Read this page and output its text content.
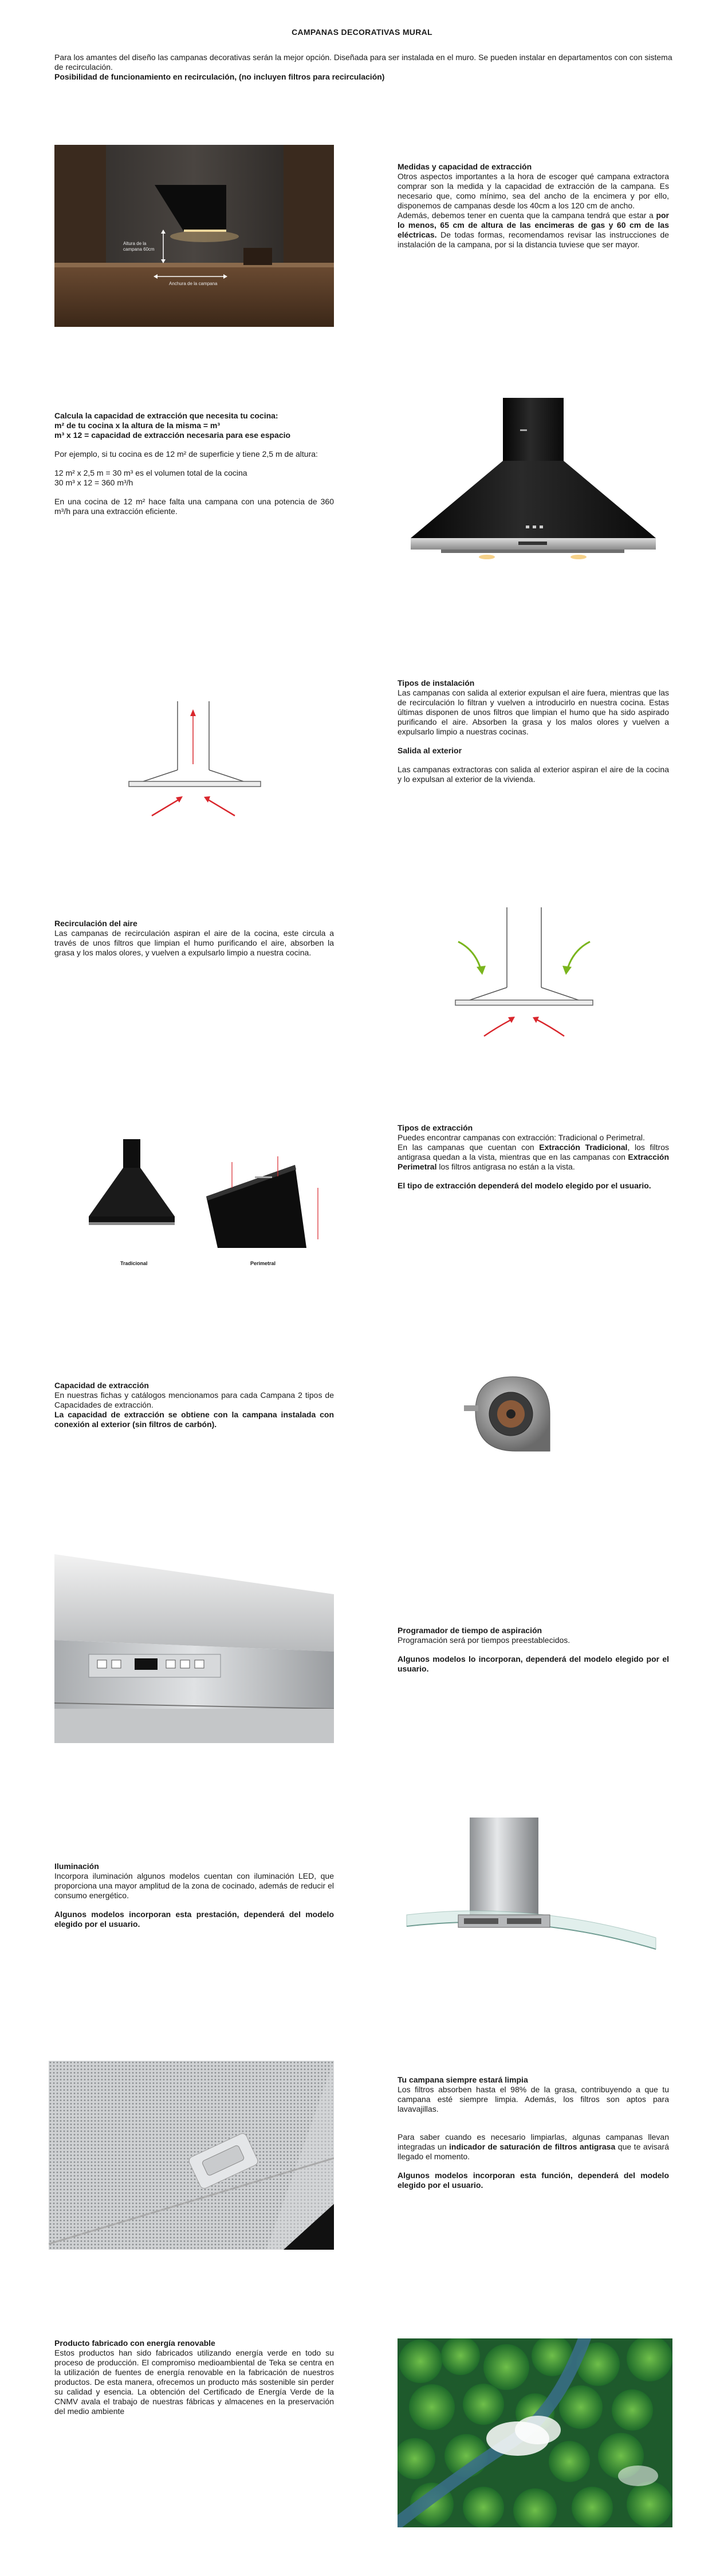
CAMPANAS DECORATIVAS MURAL
Para los amantes del diseño las campanas decorativas serán la mejor opción. Diseñada para ser instalada en el muro. Se pueden instalar en departamentos con con sistema de recirculación.
Posibilidad de funcionamiento en recirculación, (no incluyen filtros para recirculación)
Altura de la campana 60cm
Anchura de la campana

Medidas y capacidad de extracción

Otros aspectos importantes a la hora de escoger qué campana extractora comprar son la medida y la capacidad de extracción de la campana. Es necesario que, como mínimo, sea del ancho de la encimera y por ello, disponemos de campanas desde los 40cm a los 120 cm de ancho.

Además, debemos tener en cuenta que la campana tendrá que estar a por lo menos, 65 cm de altura de las encimeras de gas y 60 cm de las eléctricas. De todas formas, recomendamos revisar las instrucciones de instalación de la campana, por si la distancia tuviese que ser mayor.

Calcula la capacidad de extracción que necesita tu cocina:

m² de tu cocina x la altura de la misma = m³

m³ x 12 = capacidad de extracción necesaria para ese espacio

Por ejemplo, si tu cocina es de 12 m² de superficie y tiene 2,5 m de altura:

12 m² x 2,5 m = 30 m³ es el volumen total de la cocina

30 m³ x 12 = 360 m³/h

En una cocina de 12 m² hace falta una campana con una potencia de 360 m³/h para una extracción eficiente.

Tipos de instalación

Las campanas con salida al exterior expulsan el aire fuera, mientras que las de recirculación lo filtran y vuelven a introducirlo en nuestra cocina. Estas últimas disponen de unos filtros que limpian el humo que ha sido aspirado purificando el aire. Absorben la grasa y los malos olores y vuelven a expulsarlo limpio a nuestras cocinas.

Salida al exterior

Las campanas extractoras con salida al exterior aspiran el aire de la cocina y lo expulsan al exterior de la vivienda.

Recirculación del aire

Las campanas de recirculación aspiran el aire de la cocina, este circula a través de unos filtros que limpian el humo purificando el aire, absorben la grasa y los malos olores, y vuelven a expulsarlo limpio a nuestra cocina.

Tradicional	Perimetral

Tipos de extracción

Puedes encontrar campanas con extracción: Tradicional o Perimetral.

En las campanas que cuentan con Extracción Tradicional, los filtros antigrasa quedan a la vista, mientras que en las campanas con Extracción Perimetral los filtros antigrasa no están a la vista.

El tipo de extracción dependerá del modelo elegido por el usuario.

Capacidad de extracción

En nuestras fichas y catálogos mencionamos para cada Campana 2 tipos de Capacidades de extracción.

La capacidad de extracción se obtiene con la campana instalada con conexión al exterior (sin filtros de carbón).

Programador de tiempo de aspiración

Programación será por tiempos preestablecidos.

Algunos modelos lo incorporan, dependerá del modelo elegido por el usuario.

Iluminación

Incorpora iluminación algunos modelos cuentan con iluminación LED, que proporciona una mayor amplitud de la zona de cocinado, además de reducir el consumo energético.

Algunos modelos incorporan esta prestación, dependerá del modelo elegido por el usuario.

Tu campana siempre estará limpia

Los filtros absorben hasta el 98% de la grasa, contribuyendo a que tu campana esté siempre limpia. Además, los filtros son aptos para lavavajillas.

Para saber cuando es necesario limpiarlas, algunas campanas llevan integradas un indicador de saturación de filtros antigrasa que te avisará llegado el momento.

Algunos modelos incorporan esta función, dependerá del modelo elegido por el usuario.

Producto fabricado con energía renovable

Estos productos han sido fabricados utilizando energía verde en todo su proceso de producción. El compromiso medioambiental de Teka se centra en la utilización de fuentes de energía renovable en la fabricación de nuestros productos. De esta manera, ofrecemos un producto más sostenible sin perder su calidad y esencia. La obtención del Certificado de Energía Verde de la CNMV avala el trabajo de nuestras fábricas y almacenes en la preservación del medio ambiente
